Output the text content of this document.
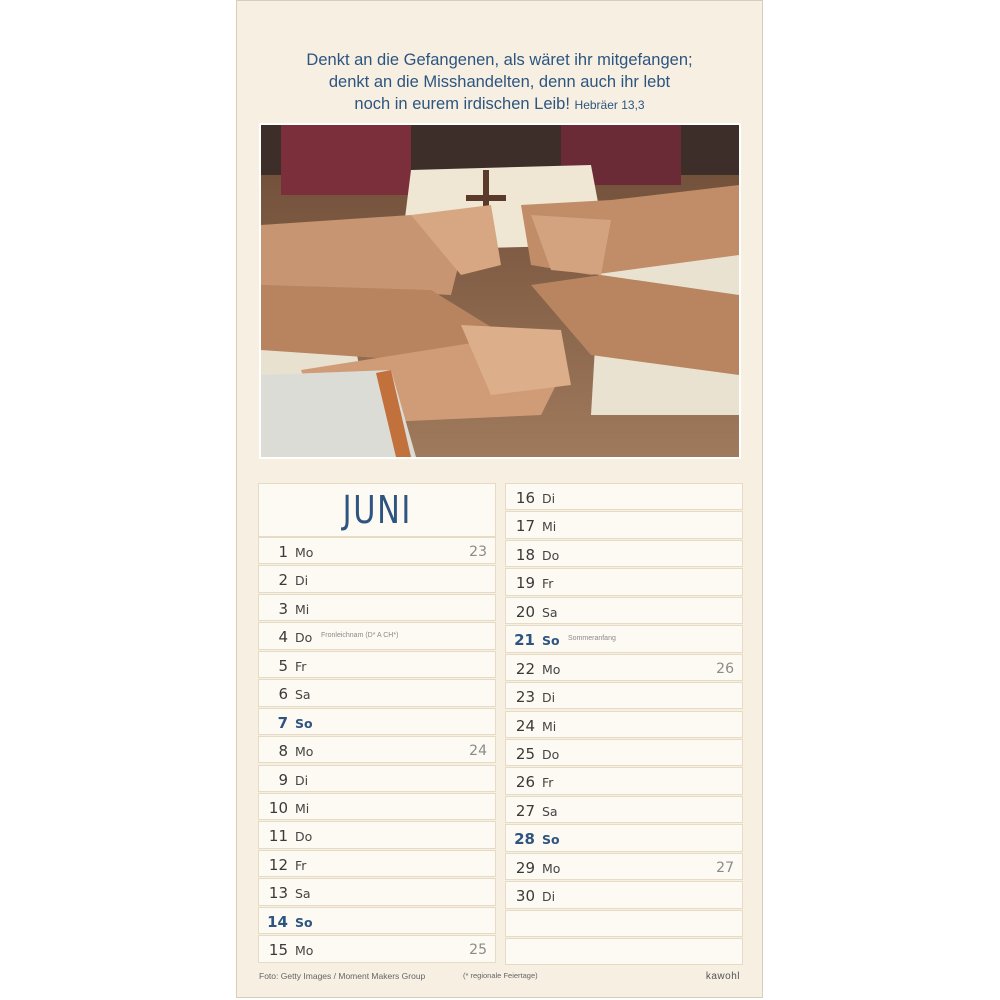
Denkt an die Gefangenen, als wäret ihr mitgefangen;
denkt an die Misshandelten, denn auch ihr lebt
noch in eurem irdischen Leib! Hebräer 13,3
JUNI
1 Mo	23
2 Di
3 Mi
4 Do Fronleichnam (D* A CH*)
5 Fr
6 Sa
7 So
8 Mo	24
9 Di
10 Mi
11 Do
12 Fr
13 Sa
14 So
15 Mo	25
16 Di
17 Mi
18 Do
19 Fr
20 Sa
21 So Sommeranfang
22 Mo	26
23 Di
24 Mi
25 Do
26 Fr
27 Sa
28 So
29 Mo	27
30 Di
Foto: Getty Images / Moment Makers Group	(* regionale Feiertage)	kawohl
